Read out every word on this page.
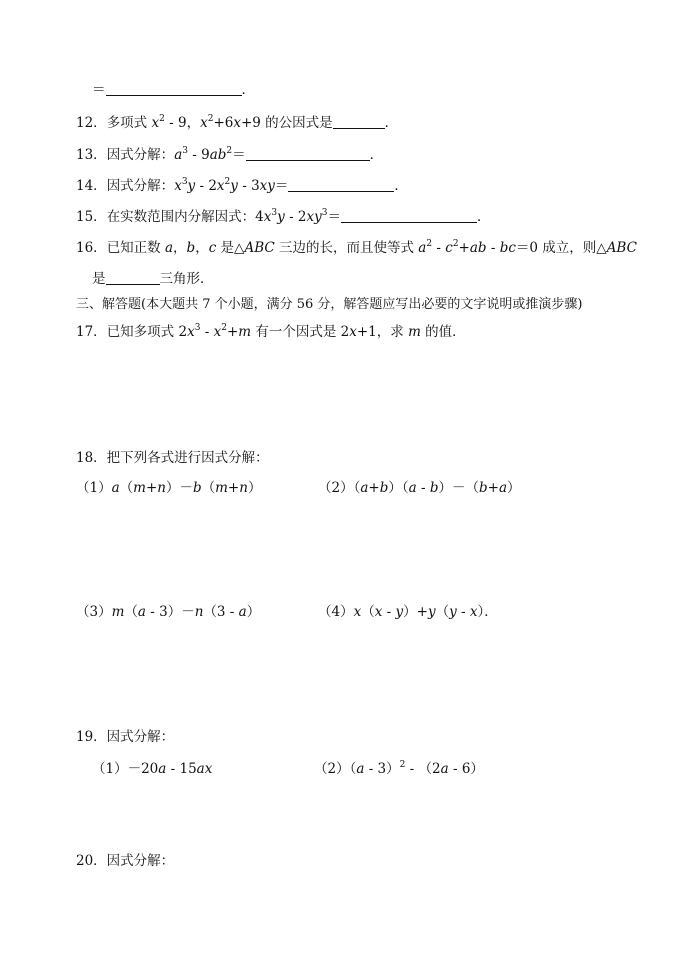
＝	．
12．多项式 $x^2 - 9$，$x^2+6x+9$ 的公因式是	．
13．因式分解：$a^3 - 9ab^2=$	．
14．因式分解：$x^3y - 2x^2y - 3xy=$	．
15．在实数范围内分解因式：$4x^3y - 2xy^3=$	．
16．已知正数 a，b，c 是△ABC 三边的长，而且使等式 $a^2 - c^2+ab - bc=0$ 成立，则△ABC
是	三角形．
三、解答题(本大题共 7 个小题，满分 56 分，解答题应写出必要的文字说明或推演步骤)
17．已知多项式 $2x^3 - x^2+m$ 有一个因式是 2x+1，求 m 的值．
18．把下列各式进行因式分解：
（1）a（m+n）－b（m+n）	（2）（a+b）（a - b）－（b+a）
（3）m（a - 3）－n（3 - a）	（4）x（x - y）+y（y - x）．
19．因式分解：
（1）－20a - 15ax	（2）（a - 3）$^2$ - （2a - 6）
20．因式分解：
